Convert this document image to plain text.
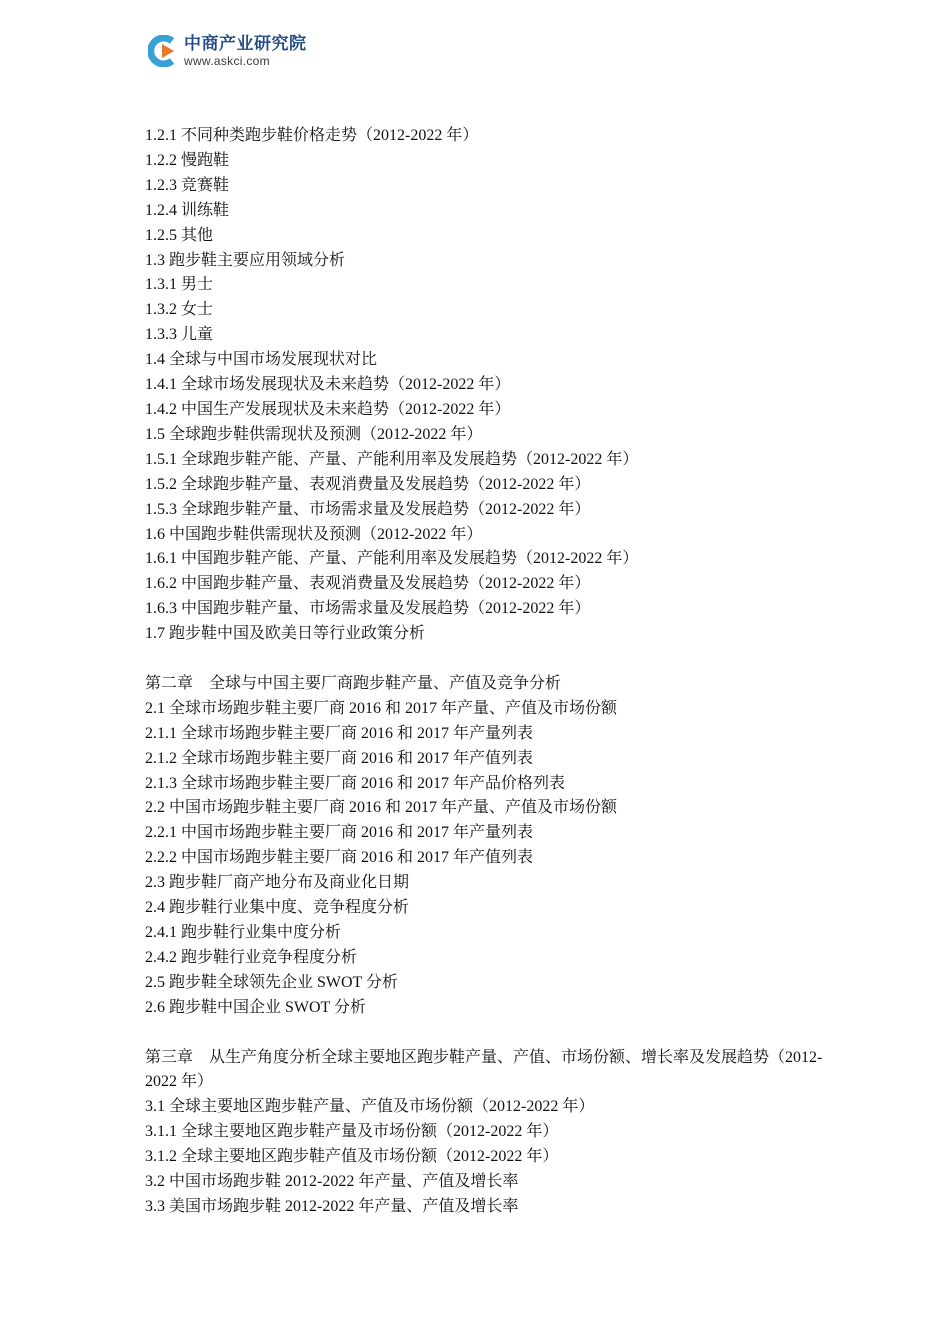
中商产业研究院
www.askci.com
1.2.1 不同种类跑步鞋价格走势（2012-2022 年）
1.2.2 慢跑鞋
1.2.3 竞赛鞋
1.2.4 训练鞋
1.2.5 其他
1.3 跑步鞋主要应用领域分析
1.3.1 男士
1.3.2 女士
1.3.3 儿童
1.4 全球与中国市场发展现状对比
1.4.1 全球市场发展现状及未来趋势（2012-2022 年）
1.4.2 中国生产发展现状及未来趋势（2012-2022 年）
1.5 全球跑步鞋供需现状及预测（2012-2022 年）
1.5.1 全球跑步鞋产能、产量、产能利用率及发展趋势（2012-2022 年）
1.5.2 全球跑步鞋产量、表观消费量及发展趋势（2012-2022 年）
1.5.3 全球跑步鞋产量、市场需求量及发展趋势（2012-2022 年）
1.6 中国跑步鞋供需现状及预测（2012-2022 年）
1.6.1 中国跑步鞋产能、产量、产能利用率及发展趋势（2012-2022 年）
1.6.2 中国跑步鞋产量、表观消费量及发展趋势（2012-2022 年）
1.6.3 中国跑步鞋产量、市场需求量及发展趋势（2012-2022 年）
1.7 跑步鞋中国及欧美日等行业政策分析
第二章　全球与中国主要厂商跑步鞋产量、产值及竞争分析
2.1 全球市场跑步鞋主要厂商 2016 和 2017 年产量、产值及市场份额
2.1.1 全球市场跑步鞋主要厂商 2016 和 2017 年产量列表
2.1.2 全球市场跑步鞋主要厂商 2016 和 2017 年产值列表
2.1.3 全球市场跑步鞋主要厂商 2016 和 2017 年产品价格列表
2.2 中国市场跑步鞋主要厂商 2016 和 2017 年产量、产值及市场份额
2.2.1 中国市场跑步鞋主要厂商 2016 和 2017 年产量列表
2.2.2 中国市场跑步鞋主要厂商 2016 和 2017 年产值列表
2.3 跑步鞋厂商产地分布及商业化日期
2.4 跑步鞋行业集中度、竞争程度分析
2.4.1 跑步鞋行业集中度分析
2.4.2 跑步鞋行业竞争程度分析
2.5 跑步鞋全球领先企业 SWOT 分析
2.6 跑步鞋中国企业 SWOT 分析
第三章　从生产角度分析全球主要地区跑步鞋产量、产值、市场份额、增长率及发展趋势（2012-2022 年）
3.1 全球主要地区跑步鞋产量、产值及市场份额（2012-2022 年）
3.1.1 全球主要地区跑步鞋产量及市场份额（2012-2022 年）
3.1.2 全球主要地区跑步鞋产值及市场份额（2012-2022 年）
3.2 中国市场跑步鞋 2012-2022 年产量、产值及增长率
3.3 美国市场跑步鞋 2012-2022 年产量、产值及增长率
